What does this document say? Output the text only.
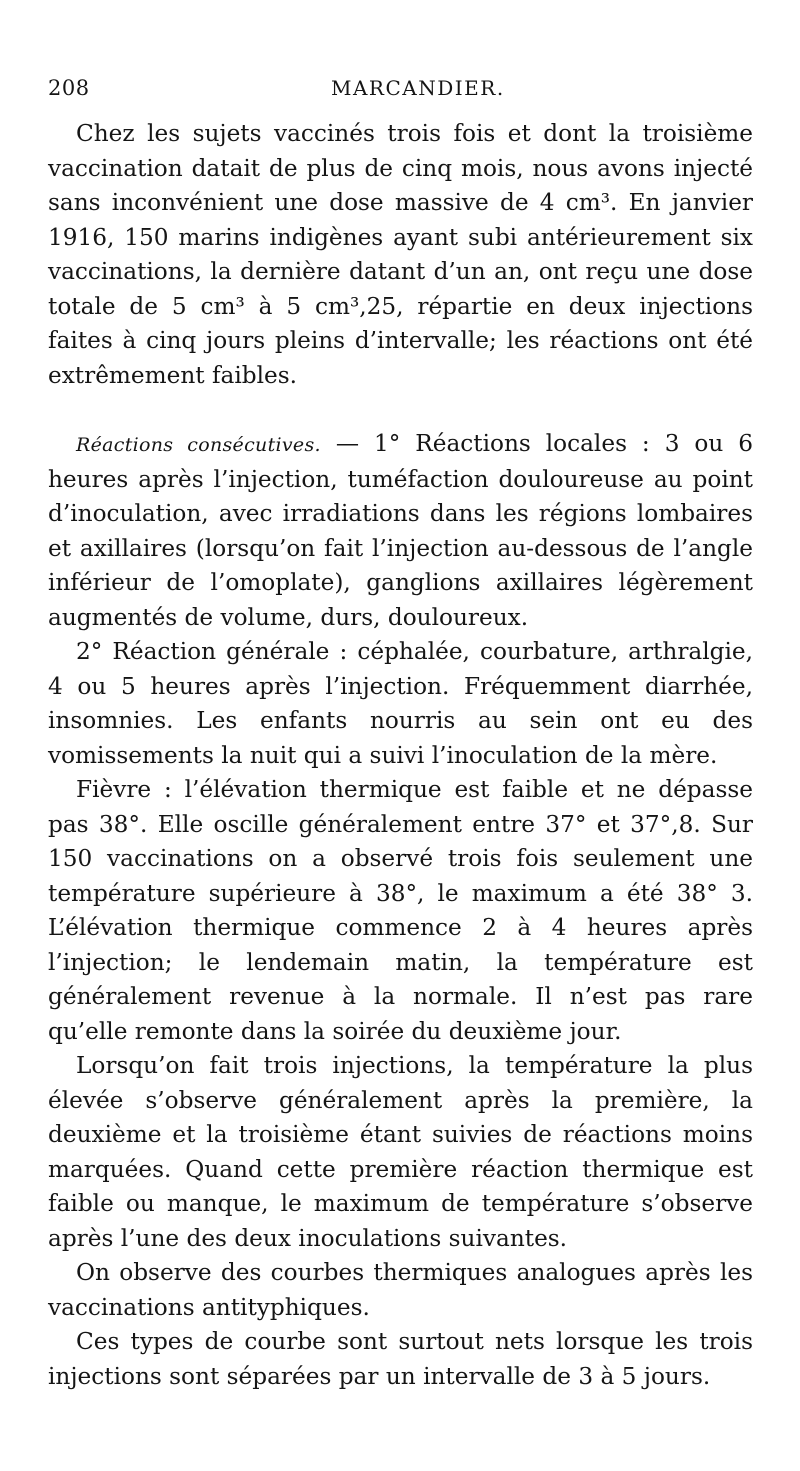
208	MARCANDIER.

Chez les sujets vaccinés trois fois et dont la troisième vaccination datait de plus de cinq mois, nous avons injecté sans inconvénient une dose massive de 4 cm³. En janvier 1916, 150 marins indigènes ayant subi antérieurement six vaccinations, la dernière datant d’un an, ont reçu une dose totale de 5 cm³ à 5 cm³,25, répartie en deux injections faites à cinq jours pleins d’intervalle; les réactions ont été extrêmement faibles.

Réactions consécutives. — 1° Réactions locales : 3 ou 6 heures après l’injection, tuméfaction douloureuse au point d’inoculation, avec irradiations dans les régions lombaires et axillaires (lorsqu’on fait l’injection au-dessous de l’angle inférieur de l’omoplate), ganglions axillaires légèrement augmentés de volume, durs, douloureux.

2° Réaction générale : céphalée, courbature, arthralgie, 4 ou 5 heures après l’injection. Fréquemment diarrhée, insomnies. Les enfants nourris au sein ont eu des vomissements la nuit qui a suivi l’inoculation de la mère.

Fièvre : l’élévation thermique est faible et ne dépasse pas 38°. Elle oscille généralement entre 37° et 37°,8. Sur 150 vaccinations on a observé trois fois seulement une température supérieure à 38°, le maximum a été 38° 3. L’élévation thermique commence 2 à 4 heures après l’injection; le lendemain matin, la température est généralement revenue à la normale. Il n’est pas rare qu’elle remonte dans la soirée du deuxième jour.

Lorsqu’on fait trois injections, la température la plus élevée s’observe généralement après la première, la deuxième et la troisième étant suivies de réactions moins marquées. Quand cette première réaction thermique est faible ou manque, le maximum de température s’observe après l’une des deux inoculations suivantes.

On observe des courbes thermiques analogues après les vaccinations antityphiques.

Ces types de courbe sont surtout nets lorsque les trois injections sont séparées par un intervalle de 3 à 5 jours.
